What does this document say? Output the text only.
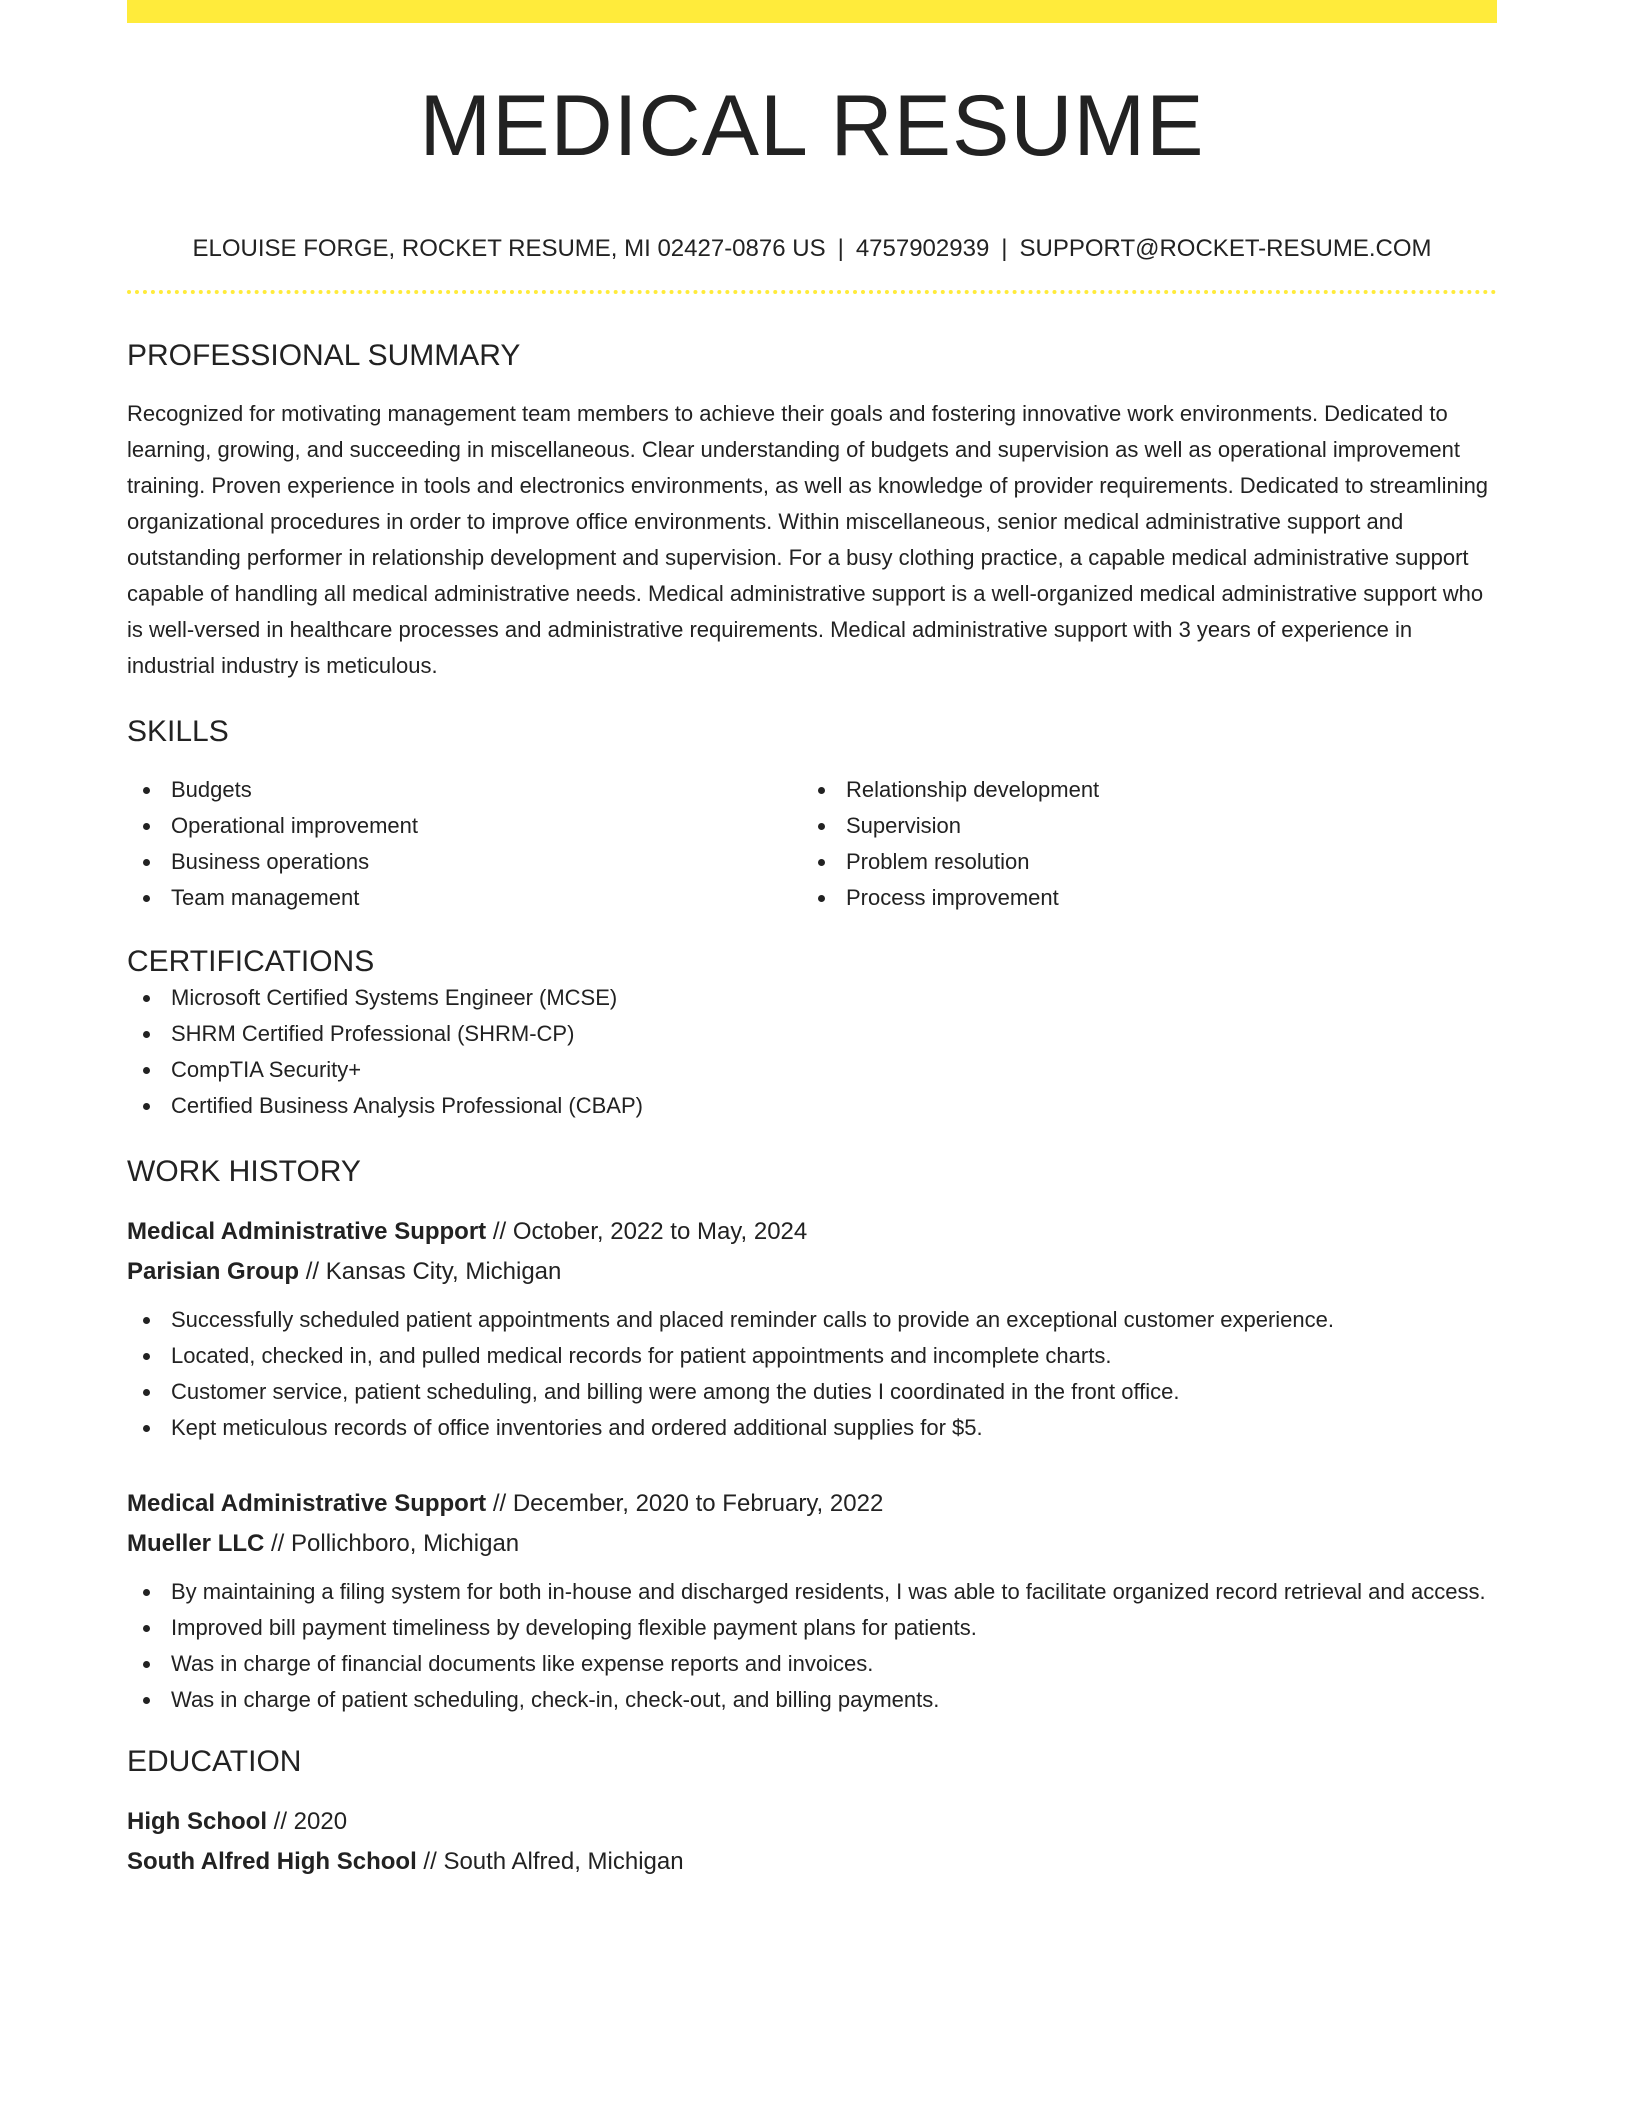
MEDICAL RESUME
ELOUISE FORGE, ROCKET RESUME, MI 02427-0876 US | 4757902939 | SUPPORT@ROCKET-RESUME.COM
PROFESSIONAL SUMMARY

Recognized for motivating management team members to achieve their goals and fostering innovative work environments. Dedicated to learning, growing, and succeeding in miscellaneous. Clear understanding of budgets and supervision as well as operational improvement training. Proven experience in tools and electronics environments, as well as knowledge of provider requirements. Dedicated to streamlining organizational procedures in order to improve office environments. Within miscellaneous, senior medical administrative support and outstanding performer in relationship development and supervision. For a busy clothing practice, a capable medical administrative support capable of handling all medical administrative needs. Medical administrative support is a well-organized medical administrative support who is well-versed in healthcare processes and administrative requirements. Medical administrative support with 3 years of experience in industrial industry is meticulous.

SKILLS
Budgets
Operational improvement
Business operations
Team management
Relationship development
Supervision
Problem resolution
Process improvement
CERTIFICATIONS
Microsoft Certified Systems Engineer (MCSE)
SHRM Certified Professional (SHRM-CP)
CompTIA Security+
Certified Business Analysis Professional (CBAP)
WORK HISTORY
Medical Administrative Support // October, 2022 to May, 2024
Parisian Group // Kansas City, Michigan
Successfully scheduled patient appointments and placed reminder calls to provide an exceptional customer experience.
Located, checked in, and pulled medical records for patient appointments and incomplete charts.
Customer service, patient scheduling, and billing were among the duties I coordinated in the front office.
Kept meticulous records of office inventories and ordered additional supplies for $5.
Medical Administrative Support // December, 2020 to February, 2022
Mueller LLC // Pollichboro, Michigan
By maintaining a filing system for both in-house and discharged residents, I was able to facilitate organized record retrieval and access.
Improved bill payment timeliness by developing flexible payment plans for patients.
Was in charge of financial documents like expense reports and invoices.
Was in charge of patient scheduling, check-in, check-out, and billing payments.
EDUCATION
High School // 2020
South Alfred High School // South Alfred, Michigan
